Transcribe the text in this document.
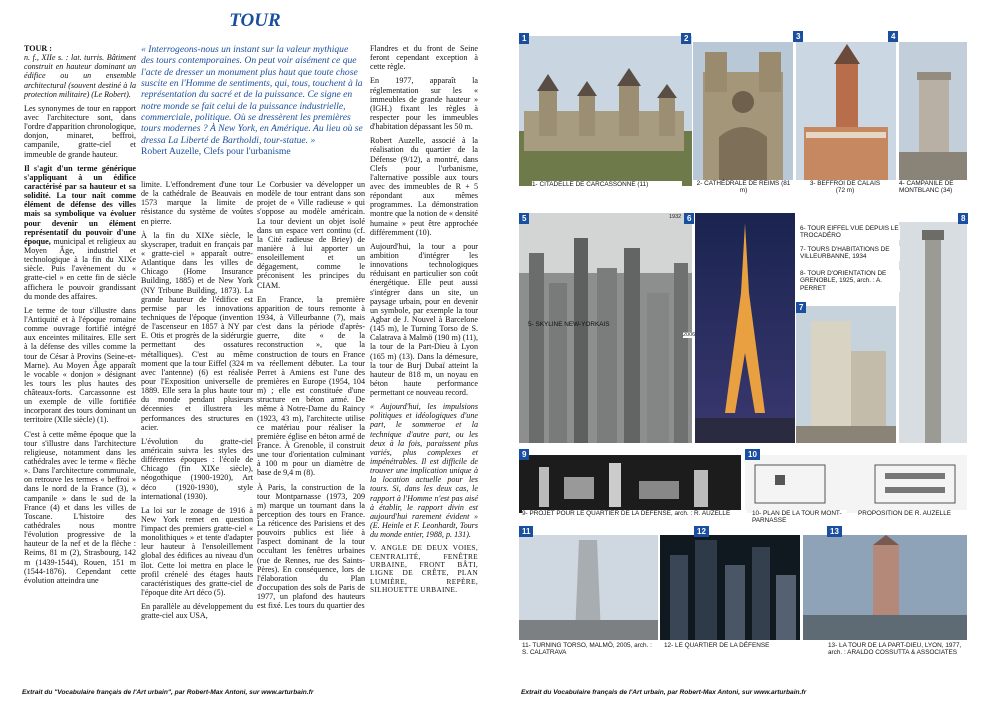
TOUR

TOUR :
n. f., XIIe s. : lat. turris. Bâtiment construit en hauteur dominant un édifice ou un ensemble architectural (souvent destiné à la protection militaire) (Le Robert).

Les synonymes de tour en rapport avec l'architecture sont, dans l'ordre d'apparition chronologique, donjon, minaret, beffroi, campanile, gratte-ciel et immeuble de grande hauteur.

Il s'agit d'un terme générique s'appliquant à un édifice caractérisé par sa hauteur et sa solidité. La tour naît comme élément de défense des villes mais sa symbolique va évoluer pour devenir un élément représentatif du pouvoir d'une époque, municipal et religieux au Moyen Âge, industriel et technologique à la fin du XIXe siècle. Puis l'avènement du « gratte-ciel » en cette fin de siècle affichera le pouvoir grandissant du monde des affaires.

Le terme de tour s'illustre dans l'Antiquité et à l'époque romaine comme ouvrage fortifié intégré aux enceintes militaires. Elle sert à la défense des villes comme la tour de César à Provins (Seine-et-Marne). Au Moyen Âge apparaît le vocable « donjon » désignant les tours les plus hautes des châteaux-forts. Carcassonne est un exemple de ville fortifiée incorporant des tours dominant un territoire (XIIe siècle) (1).

C'est à cette même époque que la tour s'illustre dans l'architecture religieuse, notamment dans les cathédrales avec le terme « flèche ». Dans l'architecture communale, on retrouve les termes « beffroi » dans le nord de la France (3), « campanile » dans le sud de la France (4) et dans les villes de Toscane. L'histoire des cathédrales nous montre l'évolution progressive de la hauteur de la nef et de la flèche : Reims, 81 m (2), Strasbourg, 142 m (1439-1544), Rouen, 151 m (1544-1876). Cependant cette évolution atteindra une

« Interrogeons-nous un instant sur la valeur mythique des tours contemporaines. On peut voir aisément ce que l'acte de dresser un monument plus haut que toute chose suscite en l'Homme de sentiments, qui, tous, touchent à la représentation du sacré et de la puissance. Ce signe en notre monde se fait celui de la puissance industrielle, commerciale, politique. Où se dressèrent les premières tours modernes ? À New York, en Amérique. Au lieu où se dressa La Liberté de Bartholdi, tour-statue. »
Robert Auzelle, Clefs pour l'urbanisme

limite. L'effondrement d'une tour de la cathédrale de Beauvais en 1573 marque la limite de résistance du système de voûtes en pierre.

À la fin du XIXe siècle, le skyscraper, traduit en français par « gratte-ciel » apparaît outre-Atlantique dans les villes de Chicago (Home Insurance Building, 1885) et de New York (NY Tribune Building, 1873). La grande hauteur de l'édifice est permise par les innovations techniques de l'époque (invention de l'ascenseur en 1857 à NY par E. Otis et progrès de la sidérurgie permettant des ossatures métalliques). C'est au même moment que la tour Eiffel (324 m avec l'antenne) (6) est réalisée pour l'Exposition universelle de 1889. Elle sera la plus haute tour du monde pendant plusieurs décennies et illustrera les performances des structures en acier.

L'évolution du gratte-ciel américain suivra les styles des différentes époques : l'école de Chicago (fin XIXe siècle), néogothique (1900-1920), Art déco (1920-1930), style international (1930).

La loi sur le zonage de 1916 à New York remet en question l'impact des premiers gratte-ciel « monolithiques » et tente d'adapter leur hauteur à l'ensoleillement global des édifices au niveau d'un îlot. Cette loi mettra en place le profil crénelé des étages hauts caractéristiques des gratte-ciel de l'époque dite Art déco (5).

En parallèle au développement du gratte-ciel aux USA,

Le Corbusier va développer un modèle de tour entrant dans son projet de « Ville radieuse » qui s'oppose au modèle américain. La tour devient un objet isolé dans un espace vert continu (cf. la Cité radieuse de Briey) de manière à lui apporter un ensoleillement et un dégagement, comme le préconisent les principes du CIAM.

En France, la première apparition de tours remonte à 1934, à Villeurbanne (7), mais c'est dans la période d'après-guerre, dite « de la reconstruction », que la construction de tours en France va réellement débuter. La tour Perret à Amiens est l'une des premières en Europe (1954, 104 m) ; elle est constituée d'une structure en béton armé. De même à Notre-Dame du Raincy (1923, 43 m), l'architecte utilise ce matériau pour réaliser la première église en béton armé de France. À Grenoble, il construit une tour d'orientation culminant à 100 m pour un diamètre de base de 9,4 m (8).

À Paris, la construction de la tour Montparnasse (1973, 209 m) marque un tournant dans la perception des tours en France. La réticence des Parisiens et des pouvoirs publics est liée à l'aspect dominant de la tour occultant les fenêtres urbaines (rue de Rennes, rue des Saints-Pères). En conséquence, lors de l'élaboration du Plan d'occupation des sols de Paris de 1977, un plafond des hauteurs est fixé. Les tours du quartier des

Flandres et du front de Seine feront cependant exception à cette règle.

En 1977, apparaît la réglementation sur les « immeubles de grande hauteur » (IGH.) fixant les règles à respecter pour les immeubles d'habitation dépassant les 50 m.

Robert Auzelle, associé à la réalisation du quartier de la Défense (9/12), a montré, dans Clefs pour l'urbanisme, l'alternative possible aux tours avec des immeubles de R + 5 répondant aux mêmes programmes. La démonstration montre que la notion de « densité humaine » peut être approchée différemment (10).

Aujourd'hui, la tour a pour ambition d'intégrer les innovations technologiques réduisant en particulier son coût énergétique. Elle peut aussi s'intégrer dans un site, un paysage urbain, pour en devenir un symbole, par exemple la tour Agbar de J. Nouvel à Barcelone (145 m), le Turning Torso de S. Calatrava à Malmö (190 m) (11), la tour de la Part-Dieu à Lyon (165 m) (13). Dans la démesure, la tour de Burj Dubaï atteint la hauteur de 818 m, un noyau en béton haute performance permettant ce nouveau record.

« Aujourd'hui, les impulsions politiques et idéologiques d'une part, le sommeroe et la technique d'autre part, ou les deux à la fois, paraissent plus variés, plus complexes et impénétrables. Il est difficile de trouver une implication unique à la location actuelle pour les tours. Si, dans les deux cas, le rapport à l'Homme n'est pas aisé à établir, le rapport divin est aujourd'hui rarement évident » (E. Heinle et F. Leonhardt, Tours du monde entier, 1988, p. 131).

V. ANGLE DE DEUX VOIES, CENTRALITÉ, FENÊTRE URBAINE, FRONT BÂTI, LIGNE DE CRÊTE, PLAN LUMIÈRE, REPÈRE, SILHOUETTE URBAINE.

Extrait du "Vocabulaire français de l'Art urbain", par Robert-Max Antoni, sur www.arturbain.fr
1
1- CITADELLE DE CARCASSONNE (11)
2
2- CATHÉDRALE DE REIMS (81 m)
3
3- BEFFROI DE CALAIS (72 m)
4
4- CAMPANILE DE MONTBLANC (34)
5	1932
5- SKYLINE NEW-YORKAIS
6
2006
7
6- TOUR EIFFEL VUE DEPUIS LE TROCADÉRO
7- TOURS D'HABITATIONS DE VILLEURBANNE, 1934
8- TOUR D'ORIENTATION DE GRENOBLE, 1925, arch. : A. PERRET
8
9
9- PROJET POUR LE QUARTIER DE LA DÉFENSE, arch. : R. AUZELLE
10
10- PLAN DE LA TOUR MONT-PARNASSE
PROPOSITION DE R. AUZELLE
11
11- TURNING TORSO, MALMÖ, 2005, arch. : S. CALATRAVA
12
12- LE QUARTIER DE LA DÉFENSE
13
13- LA TOUR DE LA PART-DIEU, LYON, 1977, arch. : ARALDO COSSUTTA & ASSOCIATES
Extrait du Vocabulaire français de l'Art urbain, par Robert-Max Antoni, sur www.arturbain.fr
